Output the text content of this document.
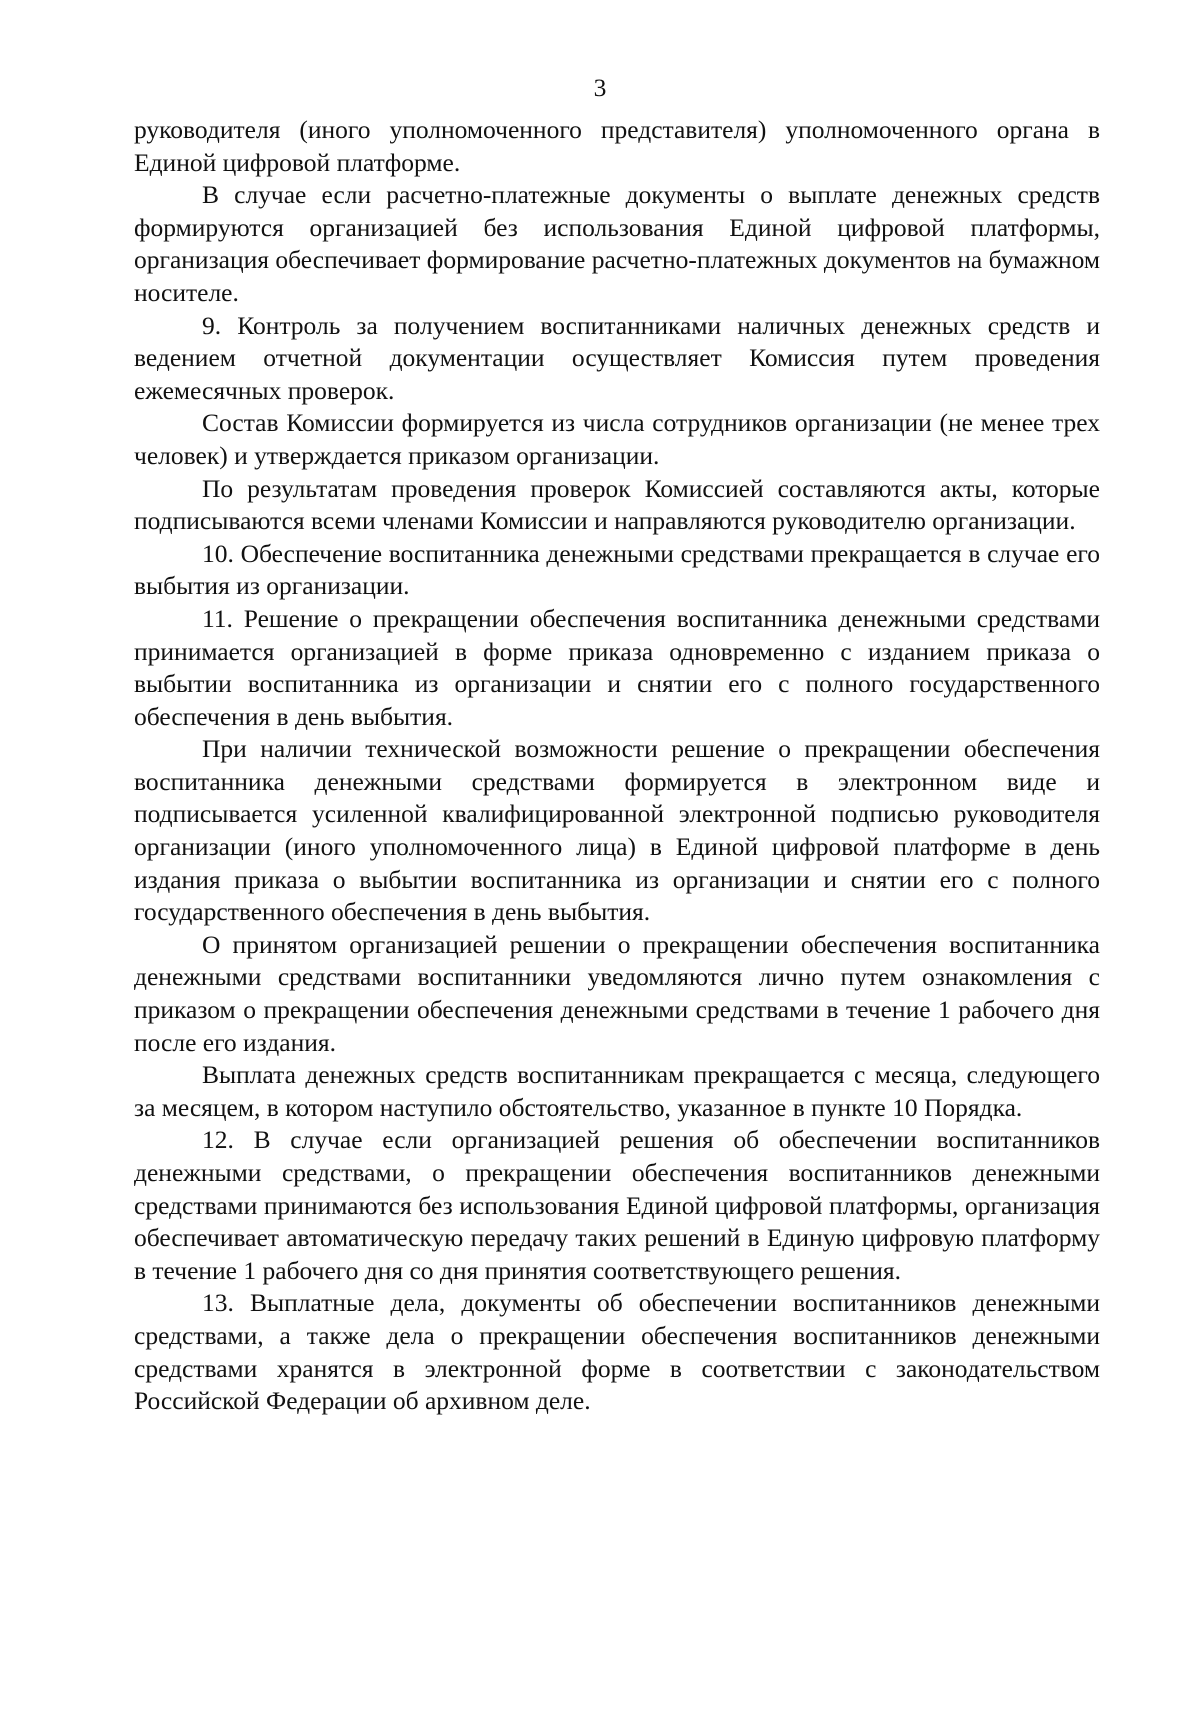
3

руководителя (иного уполномоченного представителя) уполномоченного органа в Единой цифровой платформе.

В случае если расчетно-платежные документы о выплате денежных средств формируются организацией без использования Единой цифровой платформы, организация обеспечивает формирование расчетно-платежных документов на бумажном носителе.

9. Контроль за получением воспитанниками наличных денежных средств и ведением отчетной документации осуществляет Комиссия путем проведения ежемесячных проверок.

Состав Комиссии формируется из числа сотрудников организации (не менее трех человек) и утверждается приказом организации.

По результатам проведения проверок Комиссией составляются акты, которые подписываются всеми членами Комиссии и направляются руководителю организации.

10. Обеспечение воспитанника денежными средствами прекращается в случае его выбытия из организации.

11. Решение о прекращении обеспечения воспитанника денежными средствами принимается организацией в форме приказа одновременно с изданием приказа о выбытии воспитанника из организации и снятии его с полного государственного обеспечения в день выбытия.

При наличии технической возможности решение о прекращении обеспечения воспитанника денежными средствами формируется в электронном виде и подписывается усиленной квалифицированной электронной подписью руководителя организации (иного уполномоченного лица) в Единой цифровой платформе в день издания приказа о выбытии воспитанника из организации и снятии его с полного государственного обеспечения в день выбытия.

О принятом организацией решении о прекращении обеспечения воспитанника денежными средствами воспитанники уведомляются лично путем ознакомления с приказом о прекращении обеспечения денежными средствами в течение 1 рабочего дня после его издания.

Выплата денежных средств воспитанникам прекращается с месяца, следующего за месяцем, в котором наступило обстоятельство, указанное в пункте 10 Порядка.

12. В случае если организацией решения об обеспечении воспитанников денежными средствами, о прекращении обеспечения воспитанников денежными средствами принимаются без использования Единой цифровой платформы, организация обеспечивает автоматическую передачу таких решений в Единую цифровую платформу в течение 1 рабочего дня со дня принятия соответствующего решения.

13. Выплатные дела, документы об обеспечении воспитанников денежными средствами, а также дела о прекращении обеспечения воспитанников денежными средствами хранятся в электронной форме в соответствии с законодательством Российской Федерации об архивном деле.
